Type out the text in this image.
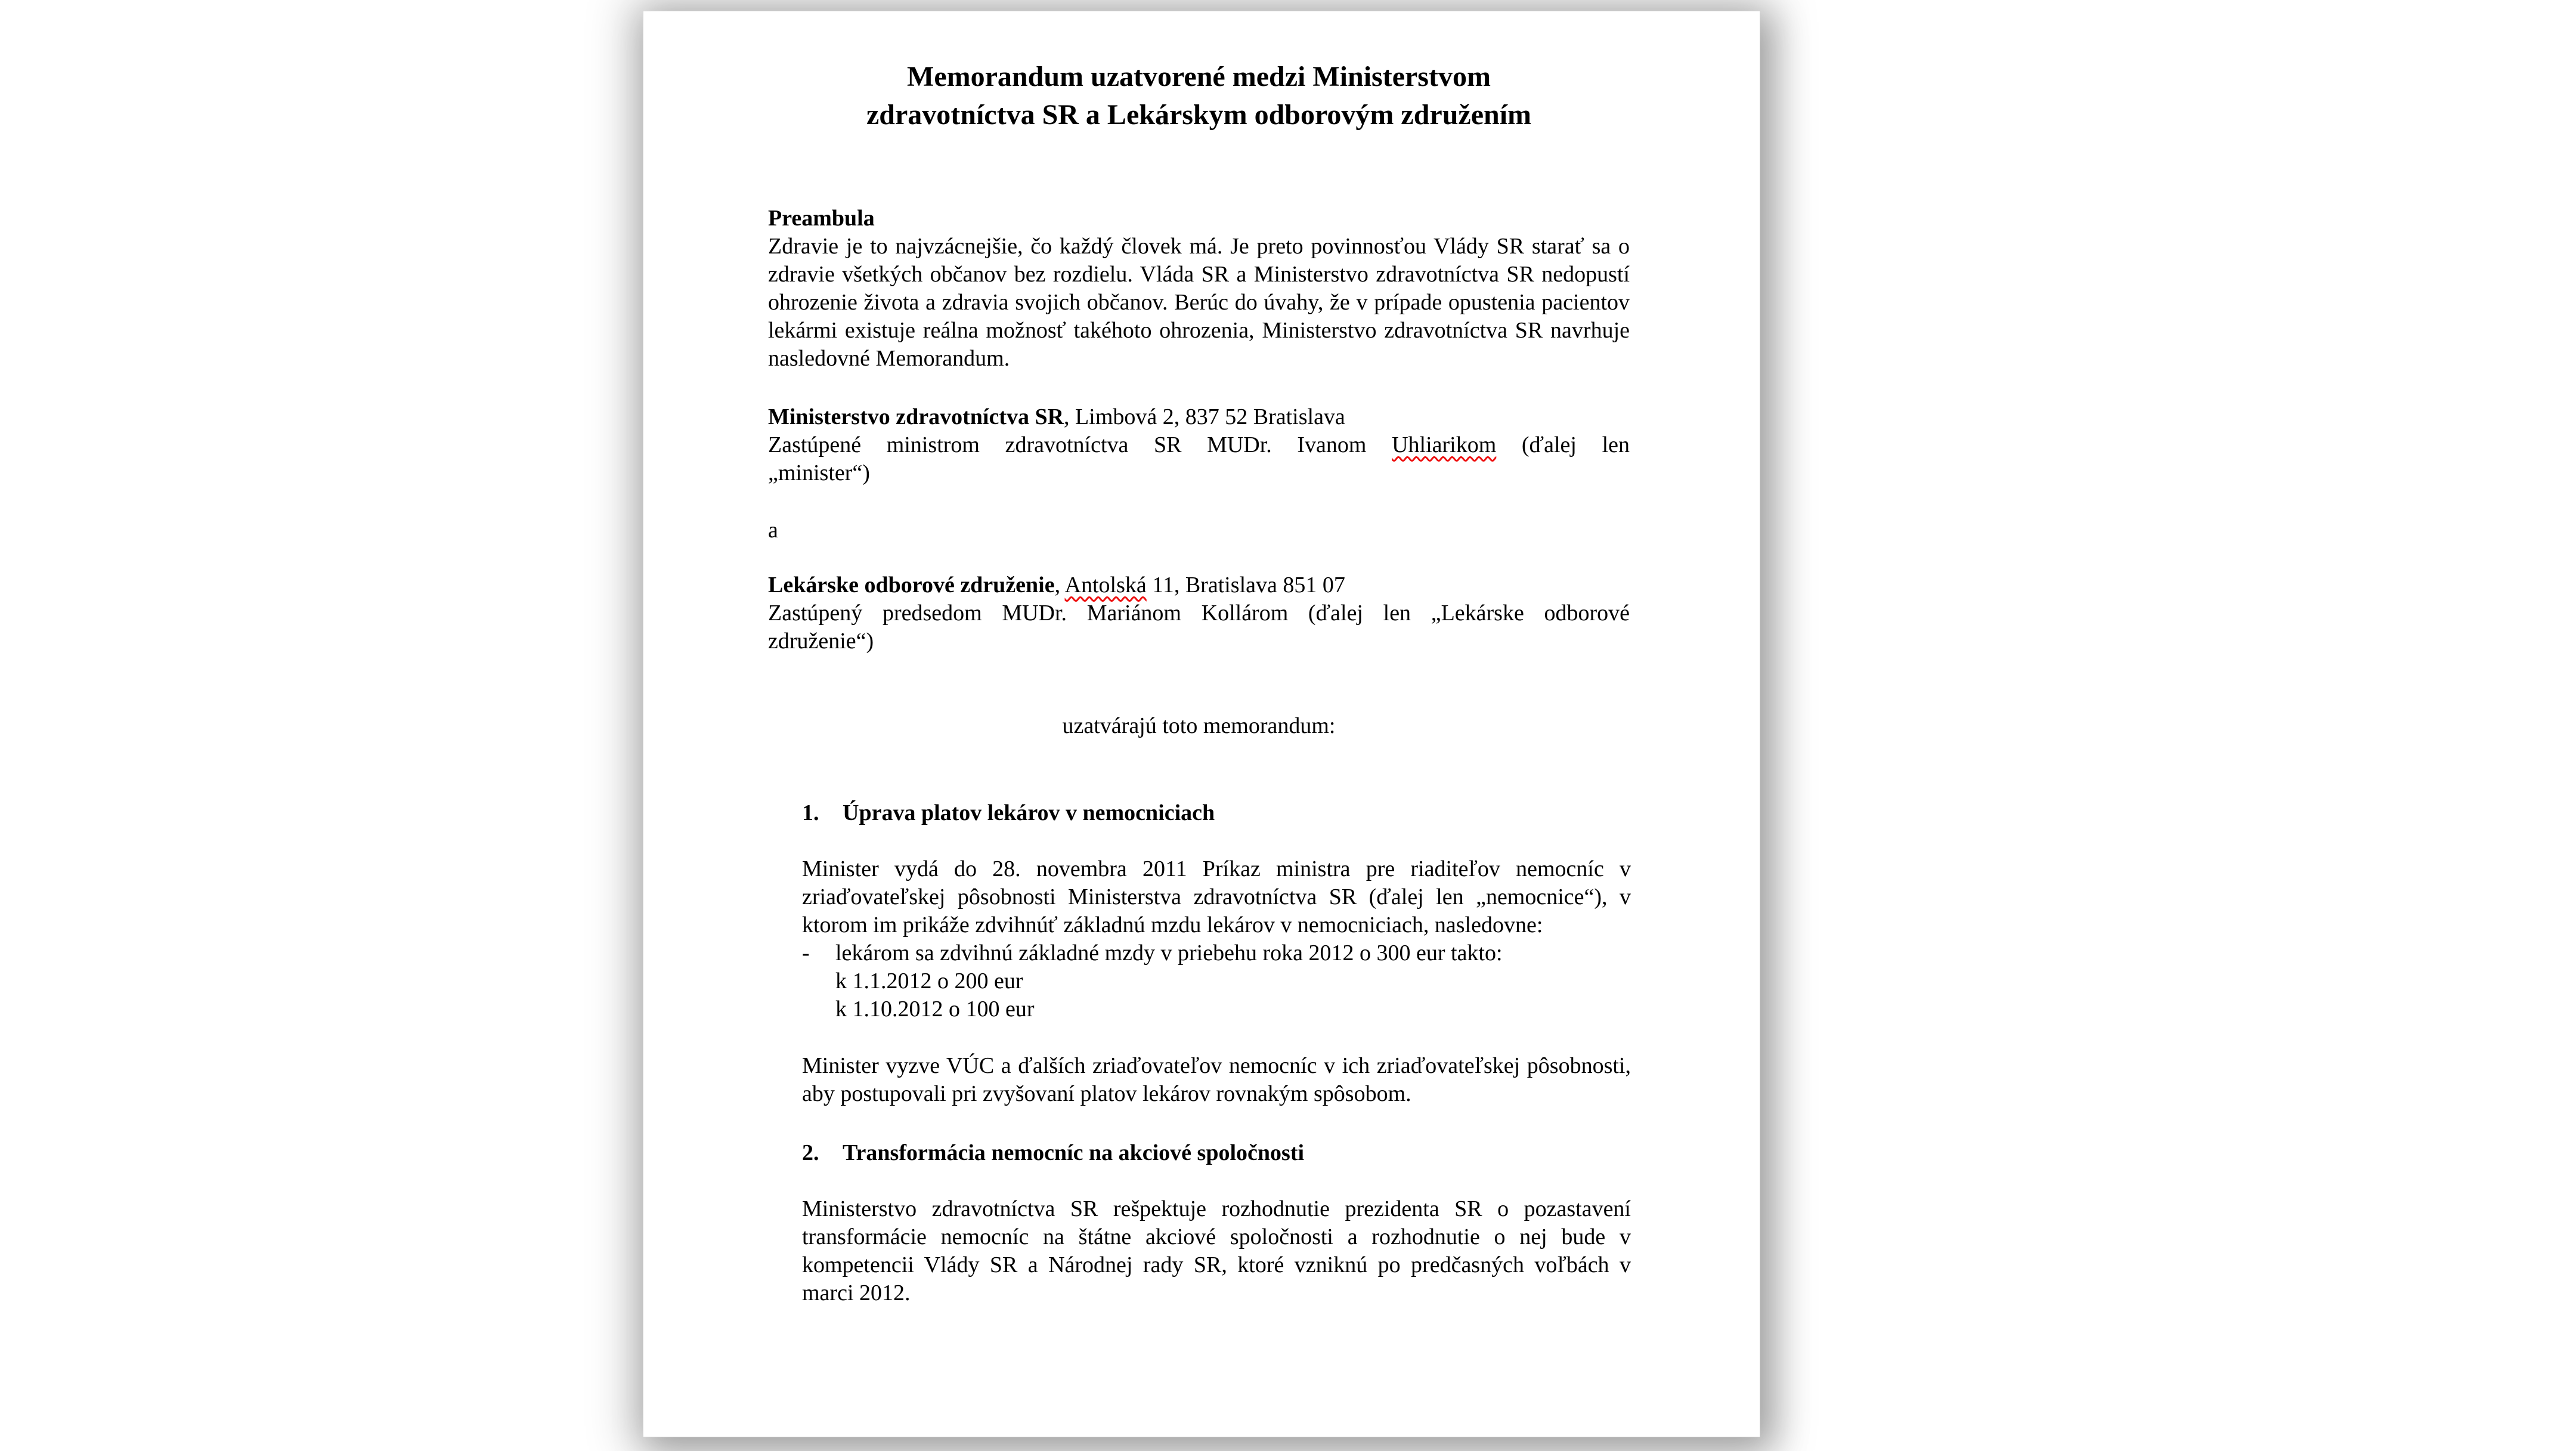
Memorandum uzatvorené medzi Ministerstvom
zdravotníctva SR a Lekárskym odborovým združením
Preambula
Zdravie je to najvzácnejšie, čo každý človek má. Je preto povinnosťou Vlády SR starať sa o zdravie všetkých občanov bez rozdielu. Vláda SR a Ministerstvo zdravotníctva SR nedopustí ohrozenie života a zdravia svojich občanov. Berúc do úvahy, že v prípade opustenia pacientov lekármi existuje reálna možnosť takéhoto ohrozenia, Ministerstvo zdravotníctva SR navrhuje nasledovné Memorandum.
Ministerstvo zdravotníctva SR, Limbová 2, 837 52 Bratislava
Zastúpené ministrom zdravotníctva SR MUDr. Ivanom Uhliarikom (ďalej len
„minister“)
a
Lekárske odborové združenie, Antolská 11, Bratislava 851 07
Zastúpený predsedom MUDr. Mariánom Kollárom (ďalej len „Lekárske odborové
združenie“)
uzatvárajú toto memorandum:
1.	Úprava platov lekárov v nemocniciach
Minister vydá do 28. novembra 2011 Príkaz ministra pre riaditeľov nemocníc v zriaďovateľskej pôsobnosti Ministerstva zdravotníctva SR (ďalej len „nemocnice“), v ktorom im prikáže zdvihnúť základnú mzdu lekárov v nemocniciach, nasledovne:
-	lekárom sa zdvihnú základné mzdy v priebehu roka 2012 o 300 eur takto:
k 1.1.2012 o 200 eur
k 1.10.2012 o 100 eur
Minister vyzve VÚC a ďalších zriaďovateľov nemocníc v ich zriaďovateľskej pôsobnosti, aby postupovali pri zvyšovaní platov lekárov rovnakým spôsobom.
2.	Transformácia nemocníc na akciové spoločnosti
Ministerstvo zdravotníctva SR rešpektuje rozhodnutie prezidenta SR o pozastavení transformácie nemocníc na štátne akciové spoločnosti a rozhodnutie o nej bude v kompetencii Vlády SR a Národnej rady SR, ktoré vzniknú po predčasných voľbách v marci 2012.
